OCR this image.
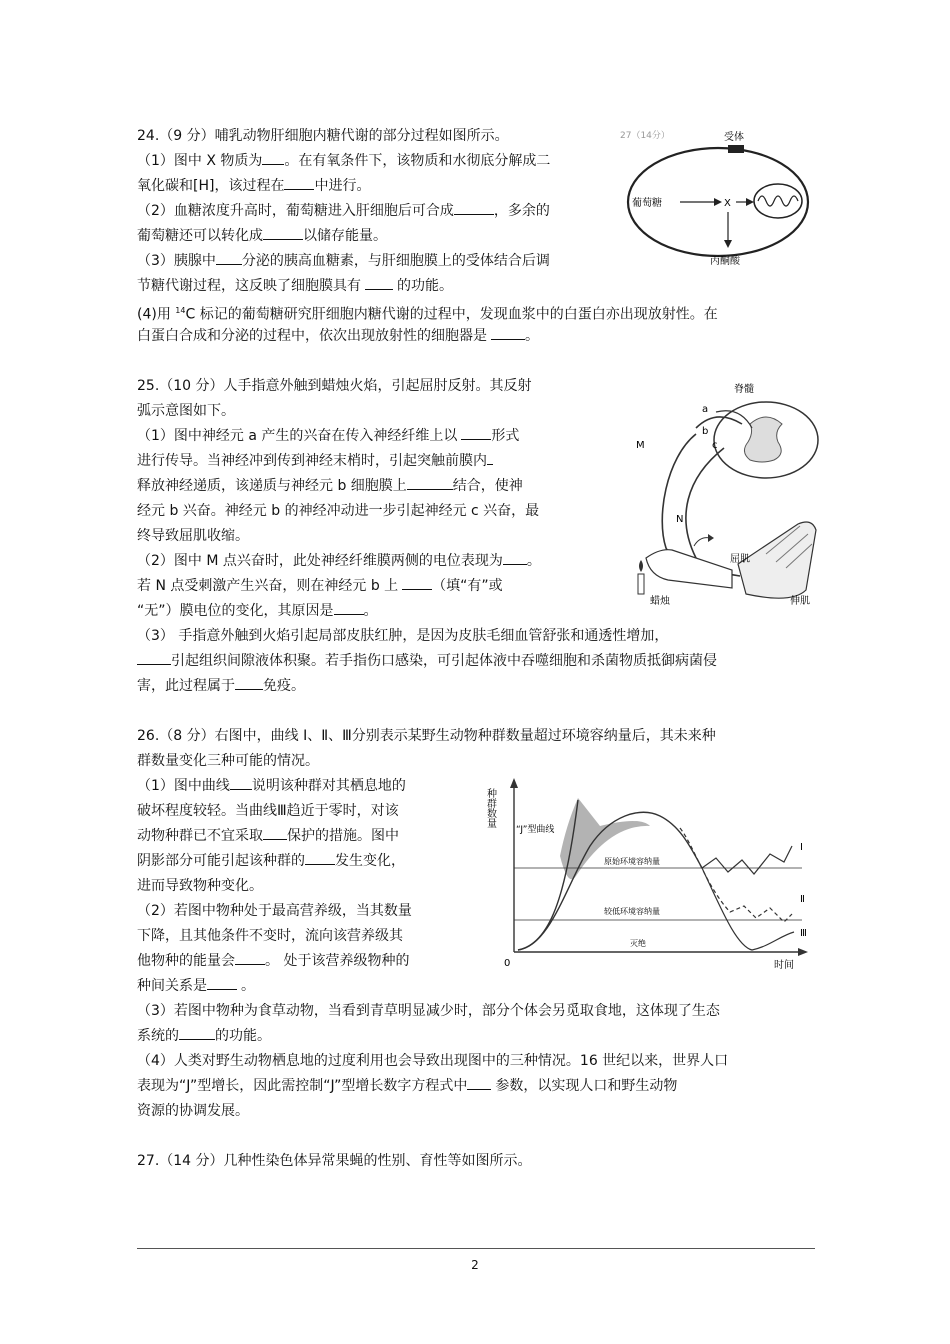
24.（9 分）哺乳动物肝细胞内糖代谢的部分过程如图所示。
（1）图中 X 物质为 。在有氧条件下，该物质和水彻底分解成二
氧化碳和[H]，该过程在 中进行。
（2）血糖浓度升高时，葡萄糖进入肝细胞后可合成	，多余的
葡萄糖还可以转化成	以储存能量。
（3）胰腺中 分泌的胰高血糖素，与肝细胞膜上的受体结合后调
节糖代谢过程，这反映了细胞膜具有	的功能。
(4)用 $^{14}$C 标记的葡萄糖研究肝细胞内糖代谢的过程中，发现血浆中的白蛋白亦出现放射性。在
白蛋白合成和分泌的过程中，依次出现放射性的细胞器是	。
27（14分）	受体
葡萄糖	X
丙酮酸
25.（10 分）人手指意外触到蜡烛火焰，引起屈肘反射。其反射
弧示意图如下。
（1）图中神经元 a 产生的兴奋在传入神经纤维上以 形式
进行传导。当神经冲到传到神经末梢时，引起突触前膜内
释放神经递质，该递质与神经元 b 细胞膜上	结合，使神
经元 b 兴奋。神经元 b 的神经冲动进一步引起神经元 c 兴奋，最
终导致屈肌收缩。
（2）图中 M 点兴奋时，此处神经纤维膜两侧的电位表现为 。
若 N 点受刺激产生兴奋，则在神经元 b 上 （填“有”或
“无”）膜电位的变化，其原因是 。
（3） 手指意外触到火焰引起局部皮肤红肿，是因为皮肤毛细血管舒张和通透性增加，
引起组织间隙液体积聚。若手指伤口感染，可引起体液中吞噬细胞和杀菌物质抵御病菌侵
害，此过程属于 免疫。
脊髓
a
b
c
M
N
屈肌
伸肌
蜡烛
26.（8 分）右图中，曲线 Ⅰ、Ⅱ、Ⅲ分别表示某野生动物种群数量超过环境容纳量后，其未来种
群数量变化三种可能的情况。
（1）图中曲线 说明该种群对其栖息地的
破坏程度较轻。当曲线Ⅲ趋近于零时，对该
动物种群已不宜采取 保护的措施。图中
阴影部分可能引起该种群的 发生变化，
进而导致物种变化。
（2）若图中物种处于最高营养级，当其数量
下降，且其他条件不变时，流向该营养级其
他物种的能量会 。 处于该营养级物种的
种间关系是 。
（3）若图中物种为食草动物，当看到青草明显减少时，部分个体会另觅取食地，这体现了生态
系统的	的功能。
（4）人类对野生动物栖息地的过度利用也会导致出现图中的三种情况。16 世纪以来，世界人口
表现为“J”型增长，因此需控制“J”型增长数字方程式中 参数，以实现人口和野生动物
资源的协调发展。
种群数量
0	时间
“J”型曲线
原始环境容纳量
较低环境容纳量
灭绝
Ⅰ
Ⅱ
Ⅲ
27.（14 分）几种性染色体异常果蝇的性别、育性等如图所示。
2
